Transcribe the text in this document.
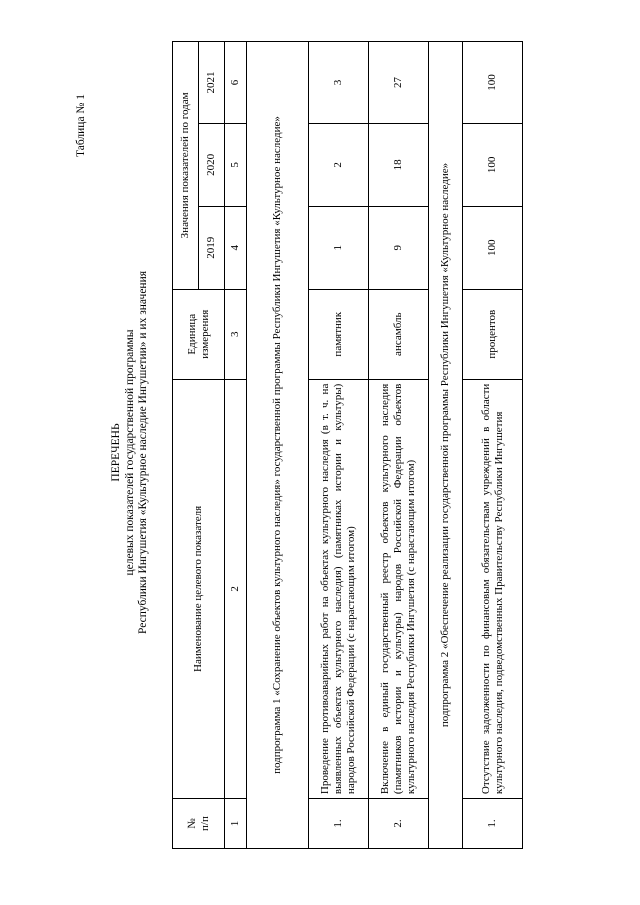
Таблица № 1
ПЕРЕЧЕНЬ целевых показателей государственной программы Республики Ингушетия «Культурное наследие Ингушетии» и их значения
№
п/п	Наименование целевого показателя	Единица измерения	Значения показателей по годам		
			2019	2020	2021
1	2	3	4	5	6
подпрограмма 1 «Сохранение объектов культурного наследия» государственной программы Республики Ингушетия «Культурное наследие»					
1.	Проведение противоаварийных работ на объектах культурного наследия (в т. ч. на выявленных объектах культурного наследия) (памятниках истории и культуры) народов Российской Федерации (с нарастающим итогом)	памятник	1	2	3
2.	Включение в единый государственный реестр объектов культурного наследия (памятников истории и культуры) народов Российской Федерации объектов культурного наследия Республики Ингушетия (с нарастающим итогом)	ансамбль	9	18	27
подпрограмма 2 «Обеспечение реализации государственной программы Республики Ингушетия «Культурное наследие»					
1.	Отсутствие задолженности по финансовым обязательствам учреждений в области культурного наследия, подведомственных Правительству Республики Ингушетия	процентов	100	100	100
